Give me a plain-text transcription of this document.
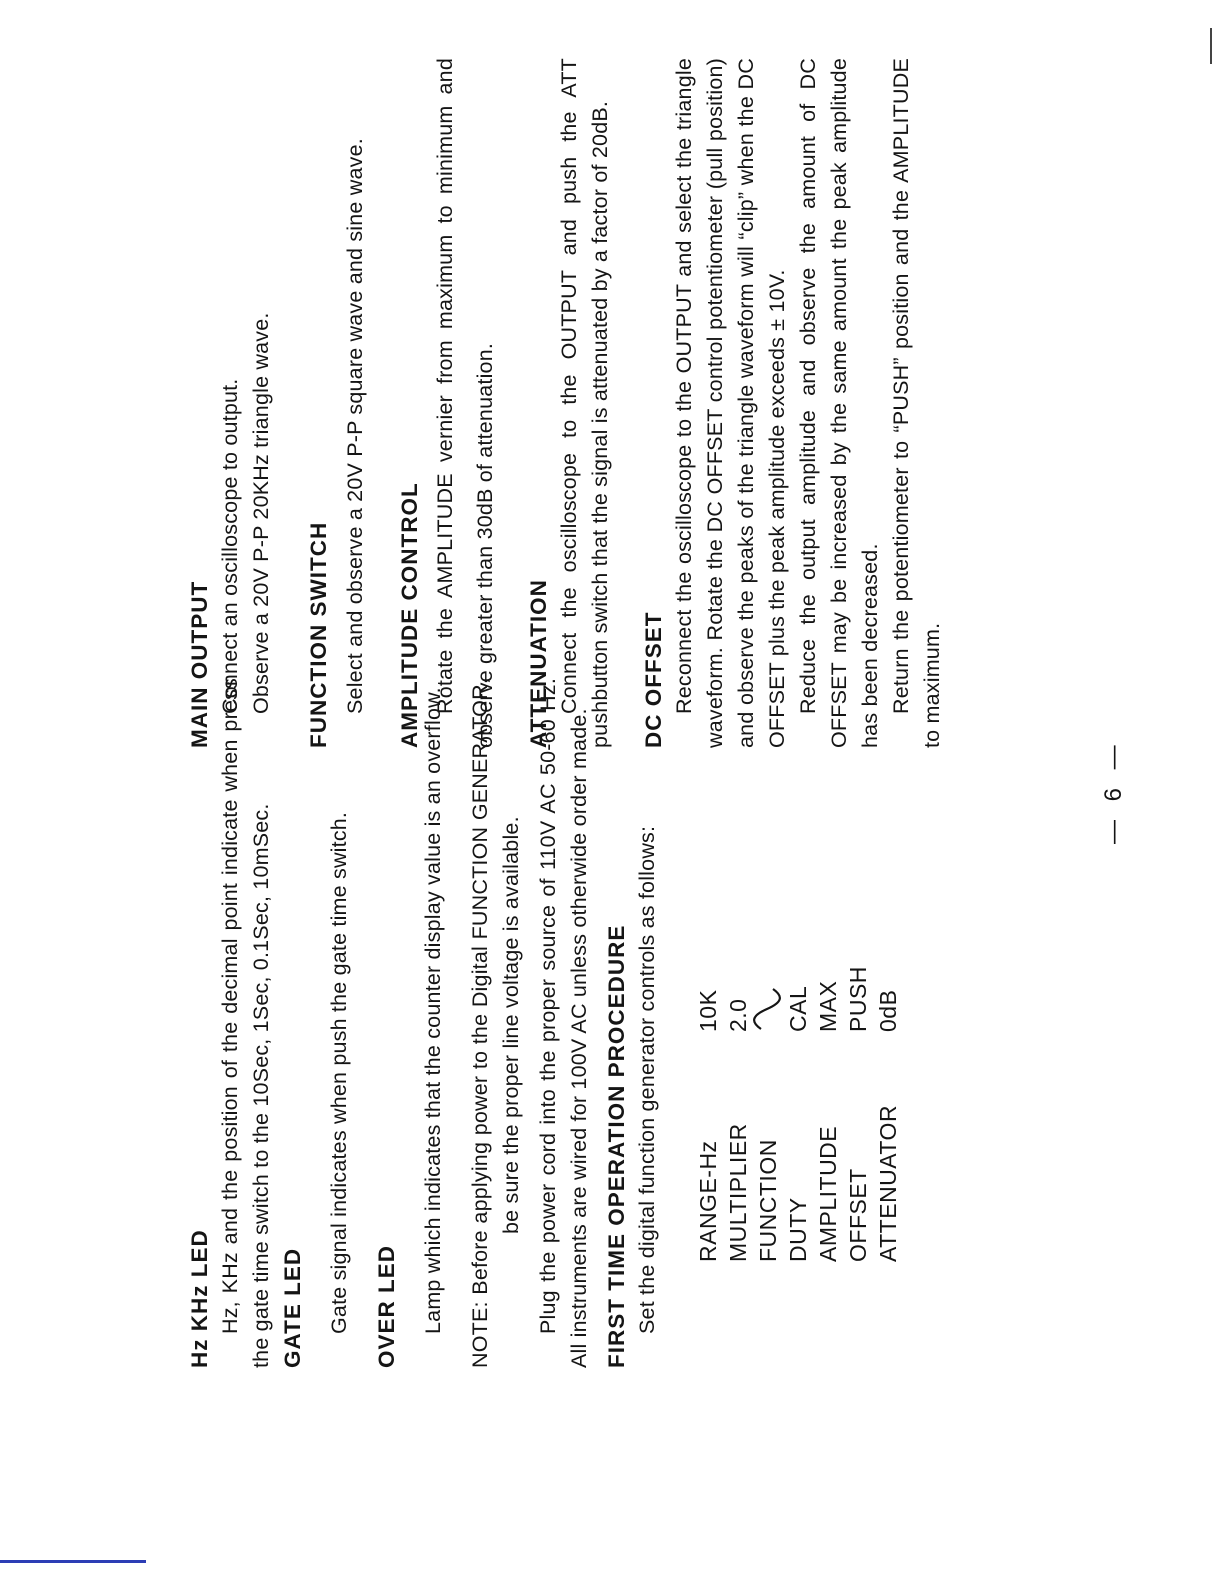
Hz KHz LED Hz, KHz and the position of the decimal point indicate when press the gate time switch to the 10Sec, 1Sec, 0.1Sec, 10mSec. GATE LED Gate signal indicates when push the gate time switch. OVER LED Lamp which indicates that the counter display value is an overflow. NOTE: Before applying power to the Digital FUNCTION GENERATOR, be sure the proper line voltage is available. Plug the power cord into the proper source of 110V AC 50-60 Hz. All instruments are wired for 100V AC unless otherwide order made. FIRST TIME OPERATION PROCEDURE Set the digital function generator controls as follows: RANGE-Hz
10K
MULTIPLIER
2.0
FUNCTION DUTY
CAL
AMPLITUDE
MAX
OFFSET
PUSH
ATTENUATOR
0dB

MAIN OUTPUT Connect an oscilloscope to output. Observe a 20V P-P 20KHz triangle wave. FUNCTION SWITCH Select and observe a 20V P-P square wave and sine wave.	AMPLITUDE CONTROL Rotate the AMPLITUDE vernier from maximum to minimum and observe greater than 30dB of attenuation.	ATTENUATION Connect the oscilloscope to the OUTPUT and push the ATT pushbutton switch that the signal is attenuated by a factor of 20dB. DC OFFSET Reconnect the oscilloscope to the OUTPUT and select the triangle waveform. Rotate the DC OFFSET control potentiometer (pull position) and observe the peaks of the triangle waveform will “clip” when the DC OFFSET plus the peak amplitude exceeds ± 10V. Reduce the output amplitude and observe the amount of DC OFFSET may be increased by the same amount the peak amplitude has been decreased. Return the potentiometer to “PUSH” position and the AMPLITUDE to maximum.

— 6 —
